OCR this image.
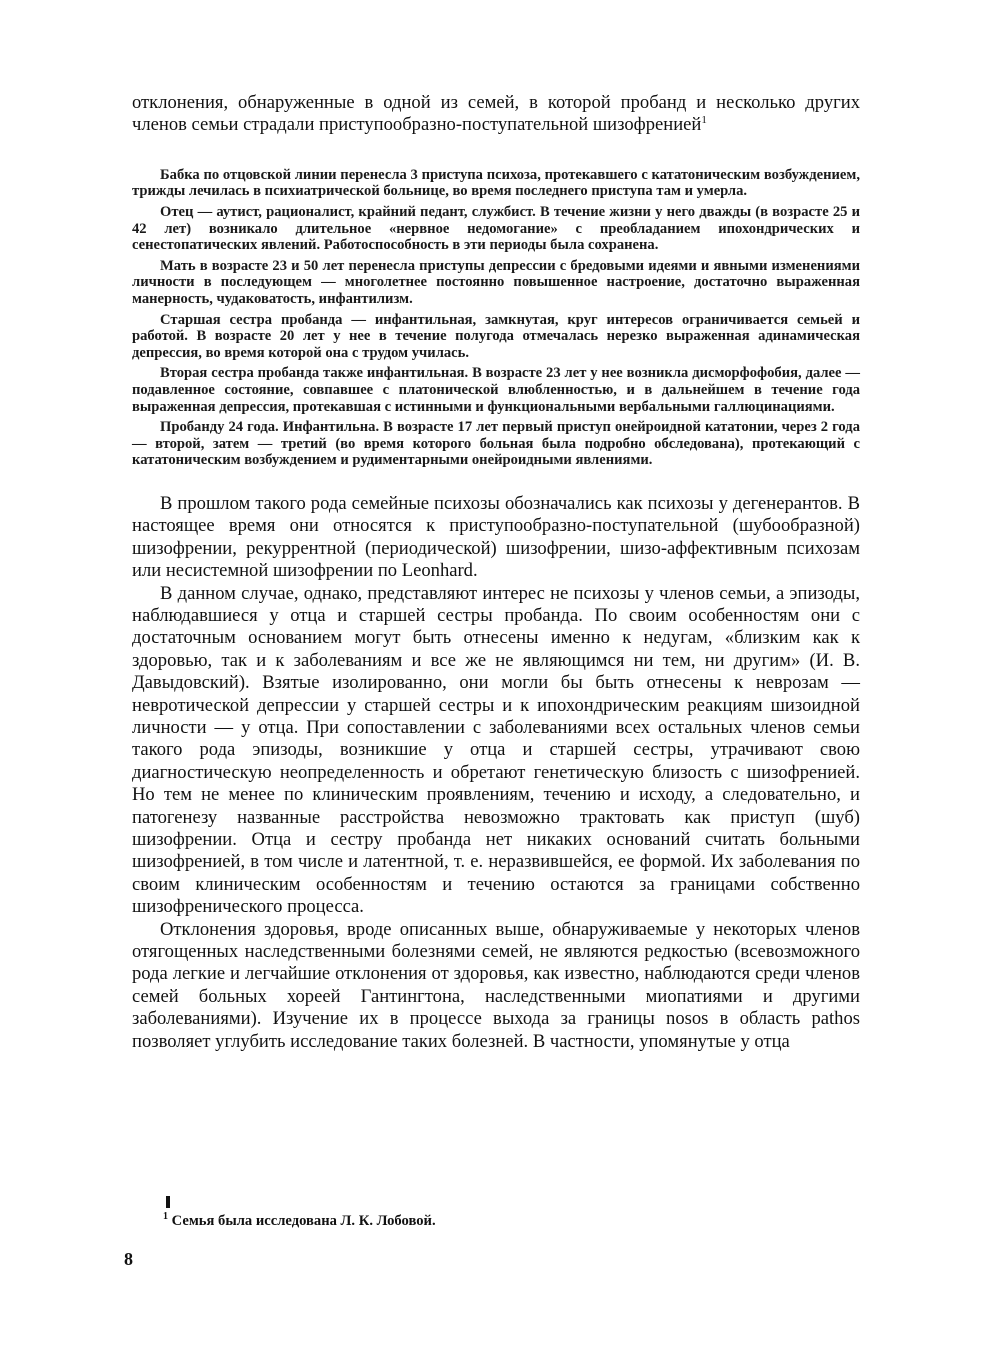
отклонения, обнаруженные в одной из семей, в которой пробанд и несколько других членов семьи страдали приступообразно-поступательной шизофренией$^1$

Бабка по отцовской линии перенесла 3 приступа психоза, протекавшего с кататоническим возбуждением, трижды лечилась в психиатрической больнице, во время последнего приступа там и умерла.

Отец — аутист, рационалист, крайний педант, службист. В течение жизни у него дважды (в возрасте 25 и 42 лет) возникало длительное «нервное недомогание» с преобладанием ипохондрических и сенестопатических явлений. Работоспособность в эти периоды была сохранена.

Мать в возрасте 23 и 50 лет перенесла приступы депрессии с бредовыми идеями и явными изменениями личности в последующем — многолетнее постоянно повышенное настроение, достаточно выраженная манерность, чудаковатость, инфантилизм.

Старшая сестра пробанда — инфантильная, замкнутая, круг интересов ограничивается семьей и работой. В возрасте 20 лет у нее в течение полугода отмечалась нерезко выраженная адинамическая депрессия, во время которой она с трудом училась.

Вторая сестра пробанда также инфантильная. В возрасте 23 лет у нее возникла дисморфофобия, далее — подавленное состояние, совпавшее с платонической влюбленностью, и в дальнейшем в течение года выраженная депрессия, протекавшая с истинными и функциональными вербальными галлюцинациями.

Пробанду 24 года. Инфантильна. В возрасте 17 лет первый приступ онейроидной кататонии, через 2 года — второй, затем — третий (во время которого больная была подробно обследована), протекающий с кататоническим возбуждением и рудиментарными онейроидными явлениями.

В прошлом такого рода семейные психозы обозначались как психозы у дегенерантов. В настоящее время они относятся к приступообразно-поступательной (шубообразной) шизофрении, рекуррентной (периодической) шизофрении, шизо-аффективным психозам или несистемной шизофрении по Leonhard.

В данном случае, однако, представляют интерес не психозы у членов семьи, а эпизоды, наблюдавшиеся у отца и старшей сестры пробанда. По своим особенностям они с достаточным основанием могут быть отнесены именно к недугам, «близким как к здоровью, так и к заболеваниям и все же не являющимся ни тем, ни другим» (И. В. Давыдовский). Взятые изолированно, они могли бы быть отнесены к неврозам — невротической депрессии у старшей сестры и к ипохондрическим реакциям шизоидной личности — у отца. При сопоставлении с заболеваниями всех остальных членов семьи такого рода эпизоды, возникшие у отца и старшей сестры, утрачивают свою диагностическую неопределенность и обретают генетическую близость с шизофренией. Но тем не менее по клиническим проявлениям, течению и исходу, а следовательно, и патогенезу названные расстройства невозможно трактовать как приступ (шуб) шизофрении. Отца и сестру пробанда нет никаких оснований считать больными шизофренией, в том числе и латентной, т. е. неразвившейся, ее формой. Их заболевания по своим клиническим особенностям и течению остаются за границами собственно шизофренического процесса.

Отклонения здоровья, вроде описанных выше, обнаруживаемые у некоторых членов отягощенных наследственными болезнями семей, не являются редкостью (всевозможного рода легкие и легчайшие отклонения от здоровья, как известно, наблюдаются среди членов семей больных хореей Гантингтона, наследственными миопатиями и другими заболеваниями). Изучение их в процессе выхода за границы nosos в область pathos позволяет углубить исследование таких болезней. В частности, упомянутые у отца

$^1$ Семья была исследована Л. К. Лобовой.

8
